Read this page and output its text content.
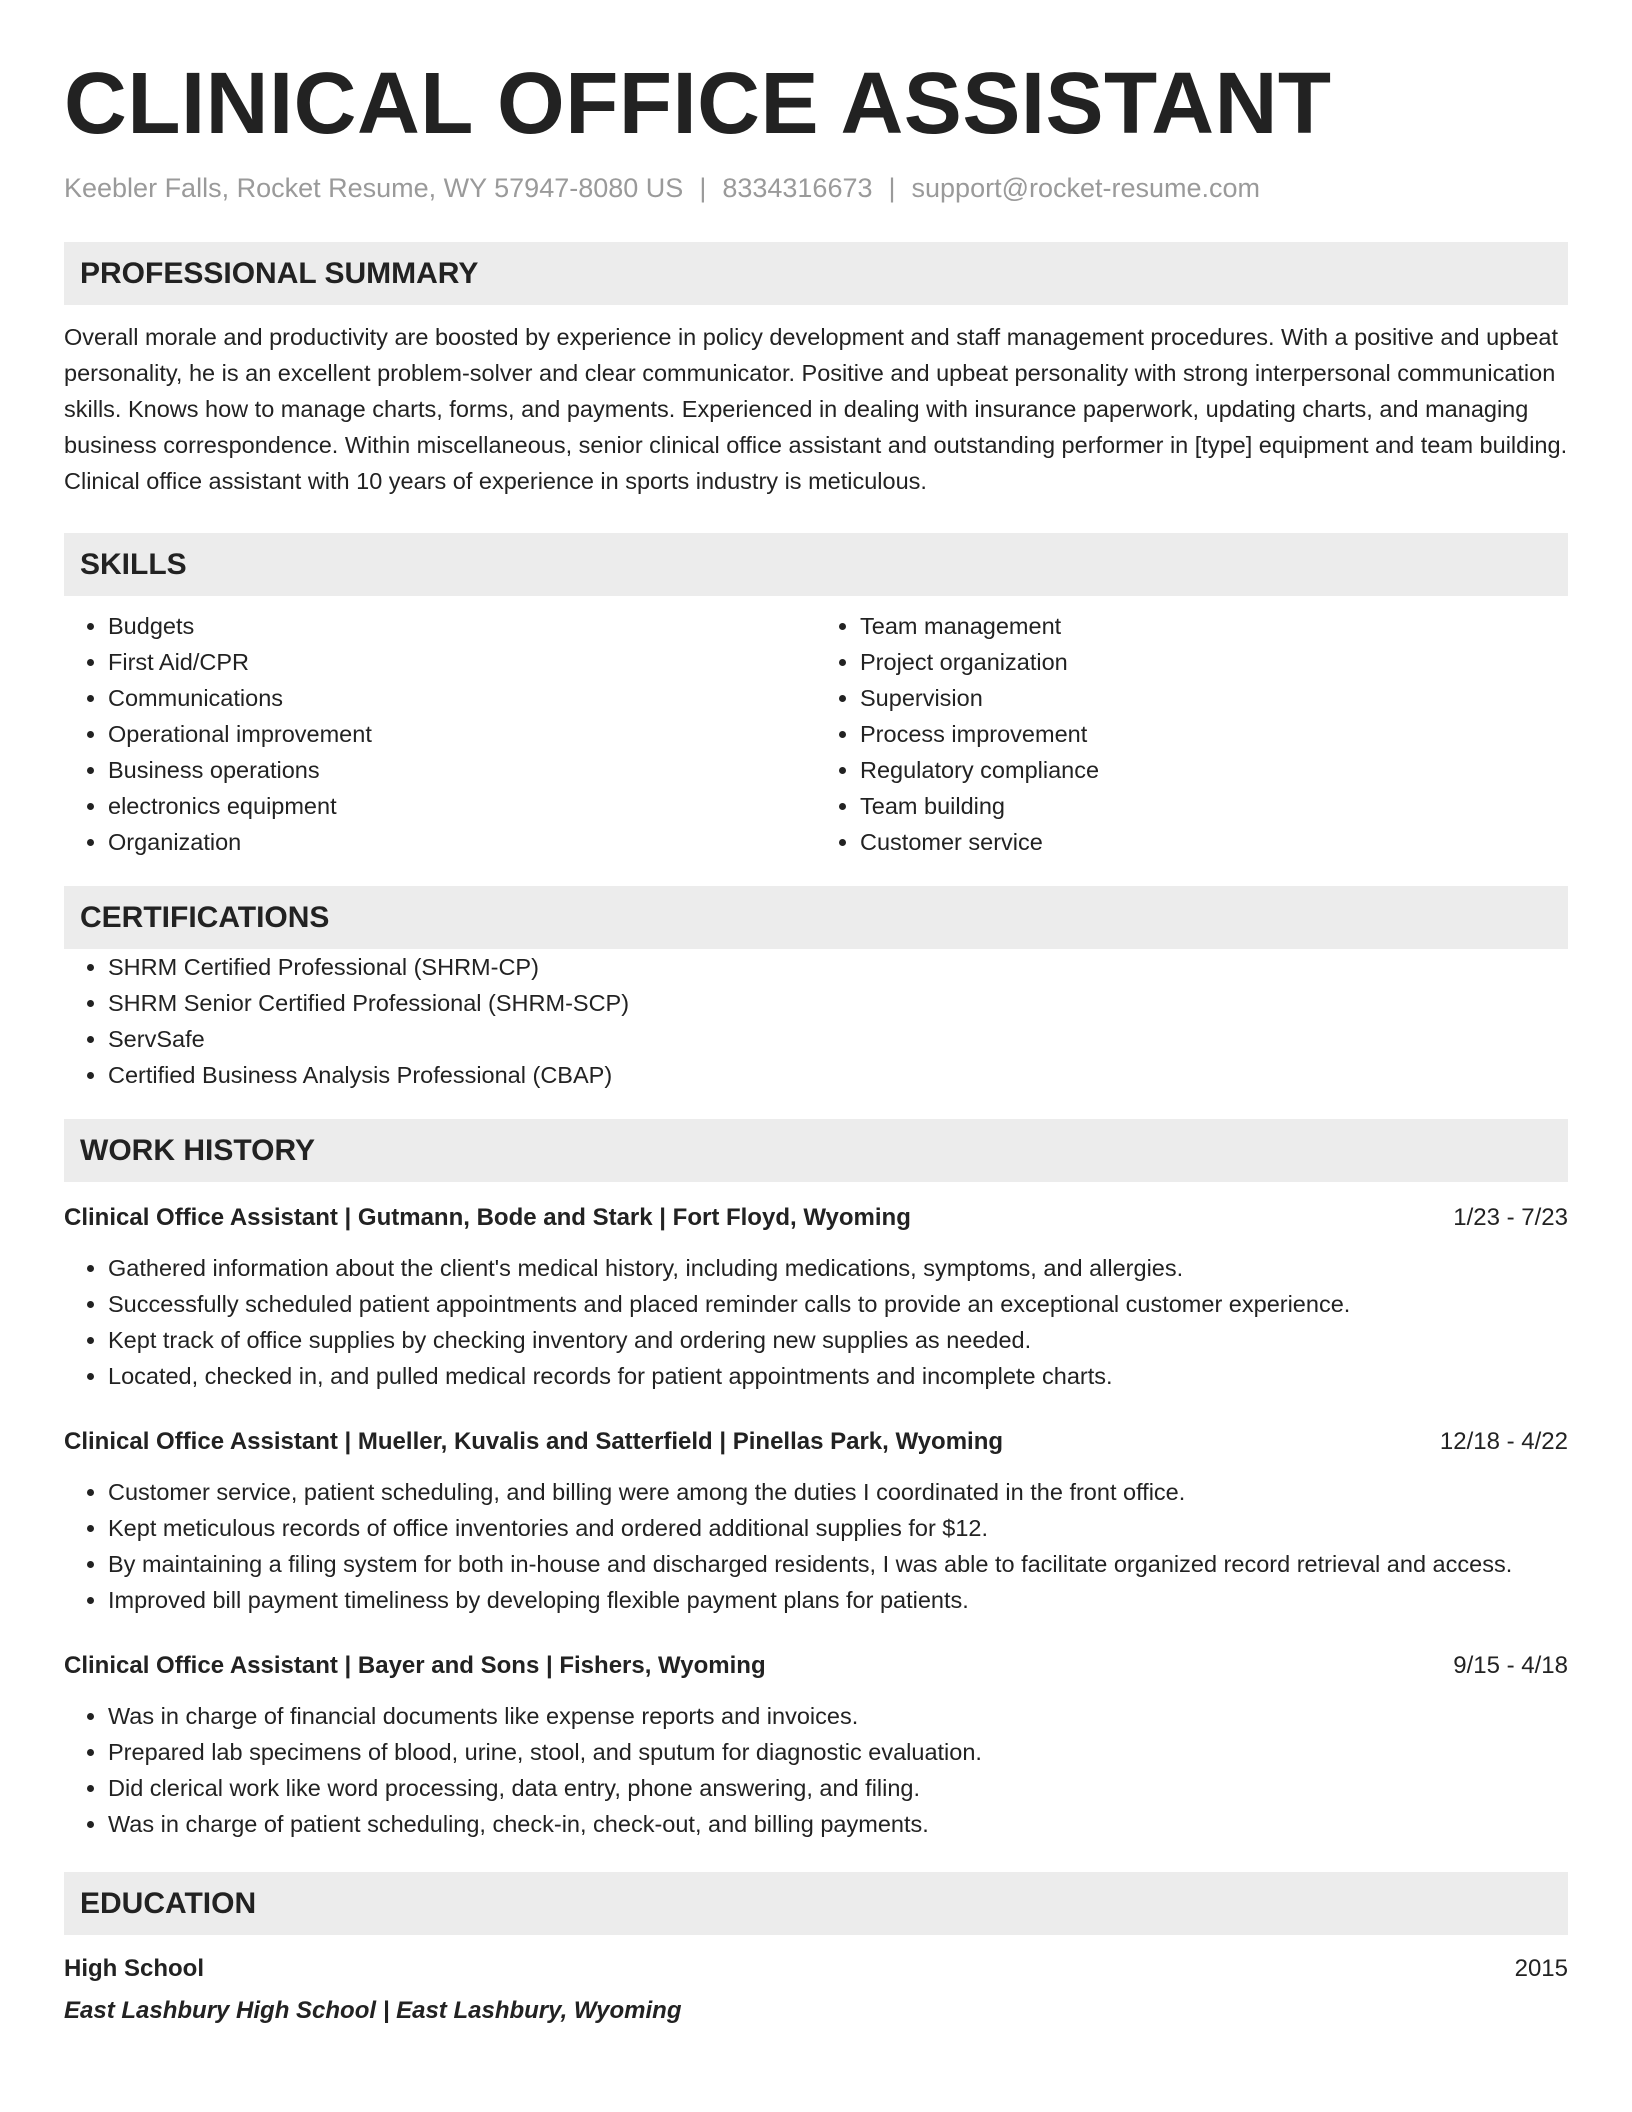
CLINICAL OFFICE ASSISTANT
Keebler Falls, Rocket Resume, WY 57947-8080 US | 8334316673 | support@rocket-resume.com
PROFESSIONAL SUMMARY

Overall morale and productivity are boosted by experience in policy development and staff management procedures. With a positive and upbeat personality, he is an excellent problem-solver and clear communicator. Positive and upbeat personality with strong interpersonal communication skills. Knows how to manage charts, forms, and payments. Experienced in dealing with insurance paperwork, updating charts, and managing business correspondence. Within miscellaneous, senior clinical office assistant and outstanding performer in [type] equipment and team building. Clinical office assistant with 10 years of experience in sports industry is meticulous.

SKILLS
• Budgets
• First Aid/CPR
• Communications
• Operational improvement
• Business operations
• electronics equipment
• Organization
• Team management
• Project organization
• Supervision
• Process improvement
• Regulatory compliance
• Team building
• Customer service
CERTIFICATIONS
• SHRM Certified Professional (SHRM-CP)
• SHRM Senior Certified Professional (SHRM-SCP)
• ServSafe
• Certified Business Analysis Professional (CBAP)
WORK HISTORY
Clinical Office Assistant | Gutmann, Bode and Stark | Fort Floyd, Wyoming	1/23 - 7/23
• Gathered information about the client's medical history, including medications, symptoms, and allergies.
• Successfully scheduled patient appointments and placed reminder calls to provide an exceptional customer experience.
• Kept track of office supplies by checking inventory and ordering new supplies as needed.
• Located, checked in, and pulled medical records for patient appointments and incomplete charts.
Clinical Office Assistant | Mueller, Kuvalis and Satterfield | Pinellas Park, Wyoming	12/18 - 4/22
• Customer service, patient scheduling, and billing were among the duties I coordinated in the front office.
• Kept meticulous records of office inventories and ordered additional supplies for $12.
• By maintaining a filing system for both in-house and discharged residents, I was able to facilitate organized record retrieval and access.
• Improved bill payment timeliness by developing flexible payment plans for patients.
Clinical Office Assistant | Bayer and Sons | Fishers, Wyoming	9/15 - 4/18
• Was in charge of financial documents like expense reports and invoices.
• Prepared lab specimens of blood, urine, stool, and sputum for diagnostic evaluation.
• Did clerical work like word processing, data entry, phone answering, and filing.
• Was in charge of patient scheduling, check-in, check-out, and billing payments.
EDUCATION
High School	2015
East Lashbury High School | East Lashbury, Wyoming
